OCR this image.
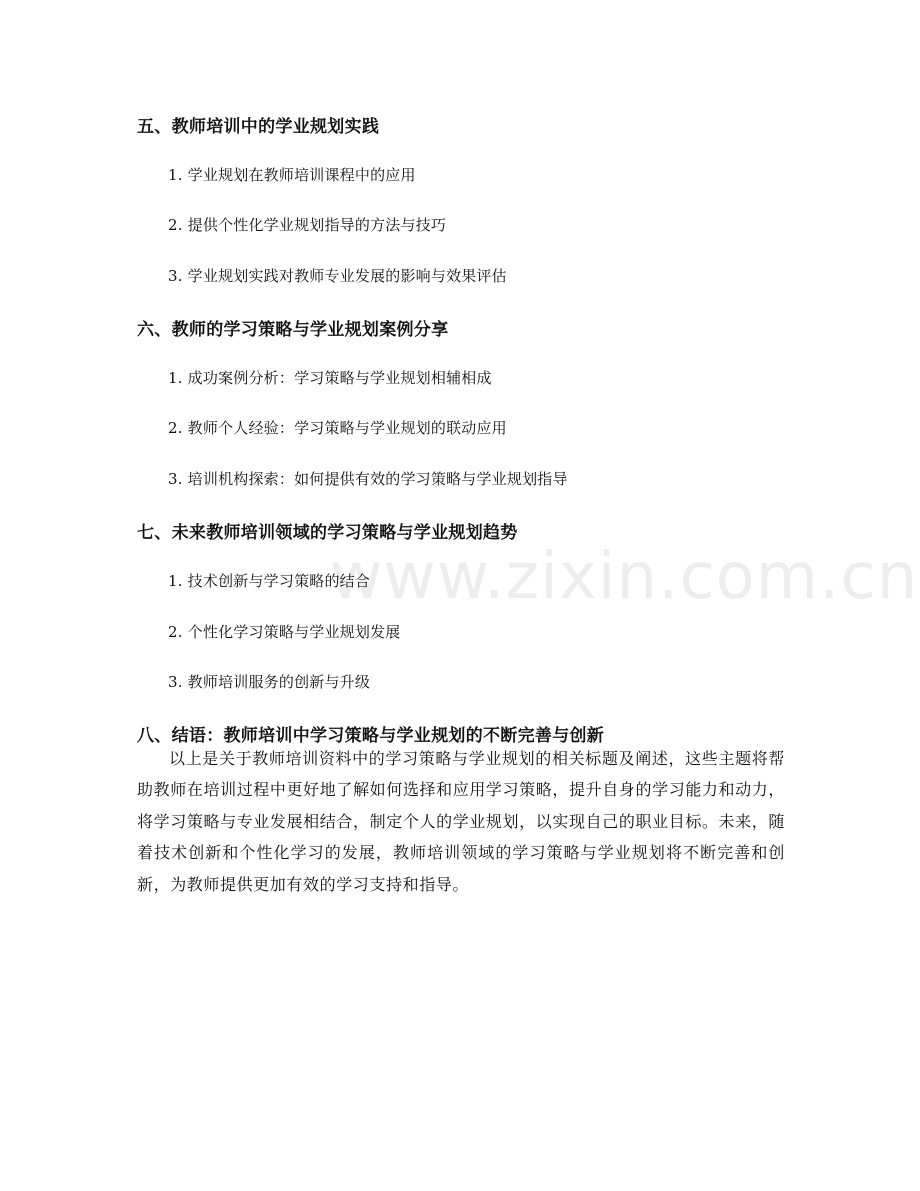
www.zixin.com.cn
五、教师培训中的学业规划实践
1. 学业规划在教师培训课程中的应用
2. 提供个性化学业规划指导的方法与技巧
3. 学业规划实践对教师专业发展的影响与效果评估
六、教师的学习策略与学业规划案例分享
1. 成功案例分析：学习策略与学业规划相辅相成
2. 教师个人经验：学习策略与学业规划的联动应用
3. 培训机构探索：如何提供有效的学习策略与学业规划指导
七、未来教师培训领域的学习策略与学业规划趋势
1. 技术创新与学习策略的结合
2. 个性化学习策略与学业规划发展
3. 教师培训服务的创新与升级
八、结语：教师培训中学习策略与学业规划的不断完善与创新
以上是关于教师培训资料中的学习策略与学业规划的相关标题及阐述，这些主题将帮助教师在培训过程中更好地了解如何选择和应用学习策略，提升自身的学习能力和动力，将学习策略与专业发展相结合，制定个人的学业规划，以实现自己的职业目标。未来，随着技术创新和个性化学习的发展，教师培训领域的学习策略与学业规划将不断完善和创新，为教师提供更加有效的学习支持和指导。
